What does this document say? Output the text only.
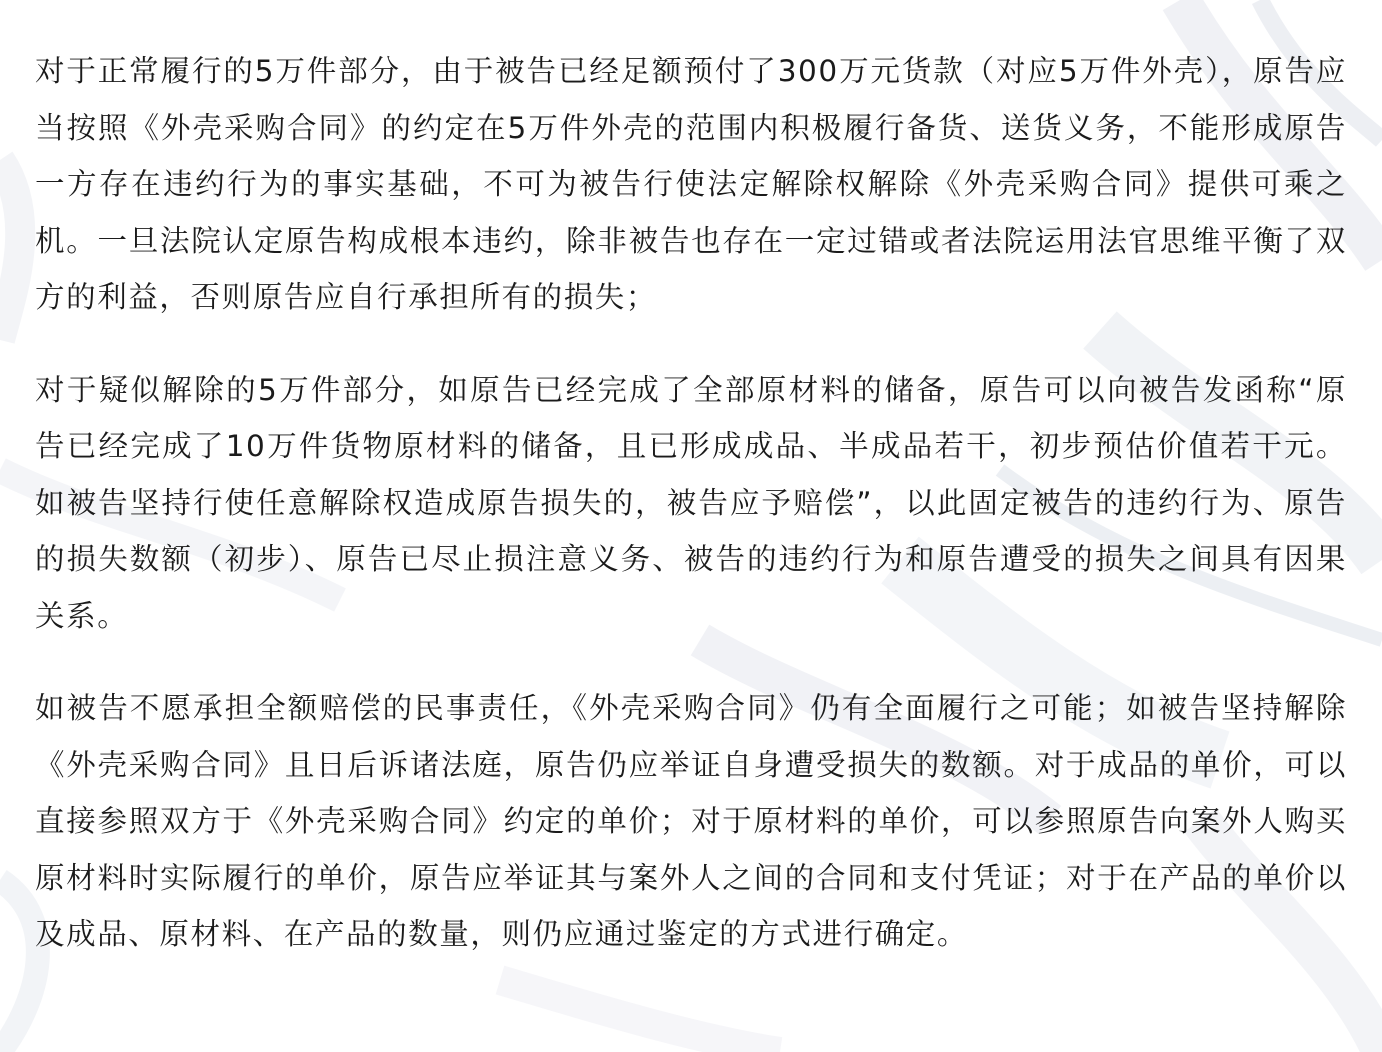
对于正常履行的5万件部分，由于被告已经足额预付了300万元货款（对应5万件外壳），原告应当按照《外壳采购合同》的约定在5万件外壳的范围内积极履行备货、送货义务，不能形成原告一方存在违约行为的事实基础，不可为被告行使法定解除权解除《外壳采购合同》提供可乘之机。一旦法院认定原告构成根本违约，除非被告也存在一定过错或者法院运用法官思维平衡了双方的利益，否则原告应自行承担所有的损失；

对于疑似解除的5万件部分，如原告已经完成了全部原材料的储备，原告可以向被告发函称“原告已经完成了10万件货物原材料的储备，且已形成成品、半成品若干，初步预估价值若干元。如被告坚持行使任意解除权造成原告损失的，被告应予赔偿”，以此固定被告的违约行为、原告的损失数额（初步）、原告已尽止损注意义务、被告的违约行为和原告遭受的损失之间具有因果关系。

如被告不愿承担全额赔偿的民事责任，《外壳采购合同》仍有全面履行之可能；如被告坚持解除《外壳采购合同》且日后诉诸法庭，原告仍应举证自身遭受损失的数额。对于成品的单价，可以直接参照双方于《外壳采购合同》约定的单价；对于原材料的单价，可以参照原告向案外人购买原材料时实际履行的单价，原告应举证其与案外人之间的合同和支付凭证；对于在产品的单价以及成品、原材料、在产品的数量，则仍应通过鉴定的方式进行确定。
